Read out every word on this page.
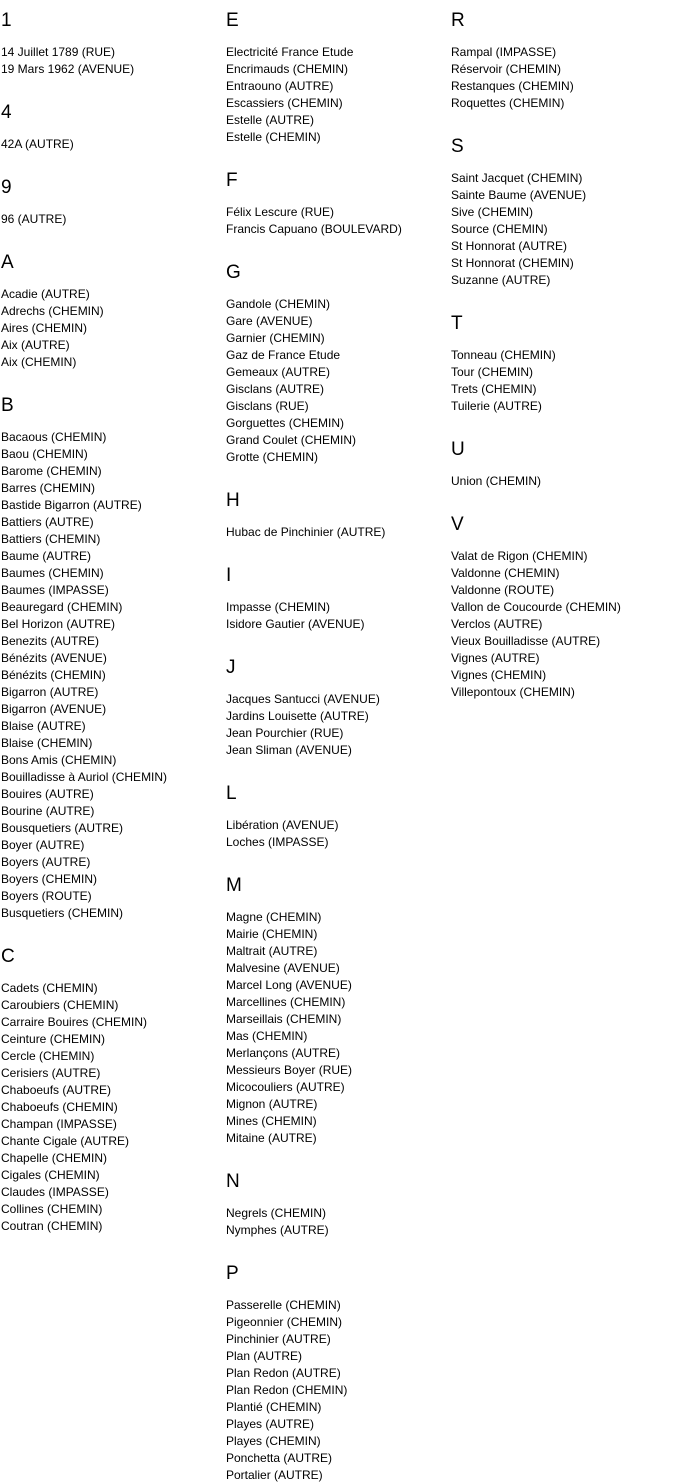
1
14 Juillet 1789 (RUE)
19 Mars 1962 (AVENUE)
4
42A (AUTRE)
9
96 (AUTRE)
A
Acadie (AUTRE)
Adrechs (CHEMIN)
Aires (CHEMIN)
Aix (AUTRE)
Aix (CHEMIN)
B
Bacaous (CHEMIN)
Baou (CHEMIN)
Barome (CHEMIN)
Barres (CHEMIN)
Bastide Bigarron (AUTRE)
Battiers (AUTRE)
Battiers (CHEMIN)
Baume (AUTRE)
Baumes (CHEMIN)
Baumes (IMPASSE)
Beauregard (CHEMIN)
Bel Horizon (AUTRE)
Benezits (AUTRE)
Bénézits (AVENUE)
Bénézits (CHEMIN)
Bigarron (AUTRE)
Bigarron (AVENUE)
Blaise (AUTRE)
Blaise (CHEMIN)
Bons Amis (CHEMIN)
Bouilladisse à Auriol (CHEMIN)
Bouires (AUTRE)
Bourine (AUTRE)
Bousquetiers (AUTRE)
Boyer (AUTRE)
Boyers (AUTRE)
Boyers (CHEMIN)
Boyers (ROUTE)
Busquetiers (CHEMIN)
C
Cadets (CHEMIN)
Caroubiers (CHEMIN)
Carraire Bouires (CHEMIN)
Ceinture (CHEMIN)
Cercle (CHEMIN)
Cerisiers (AUTRE)
Chaboeufs (AUTRE)
Chaboeufs (CHEMIN)
Champan (IMPASSE)
Chante Cigale (AUTRE)
Chapelle (CHEMIN)
Cigales (CHEMIN)
Claudes (IMPASSE)
Collines (CHEMIN)
Coutran (CHEMIN)
E
Electricité France Etude
Encrimauds (CHEMIN)
Entraouno (AUTRE)
Escassiers (CHEMIN)
Estelle (AUTRE)
Estelle (CHEMIN)
F
Félix Lescure (RUE)
Francis Capuano (BOULEVARD)
G
Gandole (CHEMIN)
Gare (AVENUE)
Garnier (CHEMIN)
Gaz de France Etude
Gemeaux (AUTRE)
Gisclans (AUTRE)
Gisclans (RUE)
Gorguettes (CHEMIN)
Grand Coulet (CHEMIN)
Grotte (CHEMIN)
H
Hubac de Pinchinier (AUTRE)
I
Impasse (CHEMIN)
Isidore Gautier (AVENUE)
J
Jacques Santucci (AVENUE)
Jardins Louisette (AUTRE)
Jean Pourchier (RUE)
Jean Sliman (AVENUE)
L
Libération (AVENUE)
Loches (IMPASSE)
M
Magne (CHEMIN)
Mairie (CHEMIN)
Maltrait (AUTRE)
Malvesine (AVENUE)
Marcel Long (AVENUE)
Marcellines (CHEMIN)
Marseillais (CHEMIN)
Mas (CHEMIN)
Merlançons (AUTRE)
Messieurs Boyer (RUE)
Micocouliers (AUTRE)
Mignon (AUTRE)
Mines (CHEMIN)
Mitaine (AUTRE)
N
Negrels (CHEMIN)
Nymphes (AUTRE)
P
Passerelle (CHEMIN)
Pigeonnier (CHEMIN)
Pinchinier (AUTRE)
Plan (AUTRE)
Plan Redon (AUTRE)
Plan Redon (CHEMIN)
Plantié (CHEMIN)
Playes (AUTRE)
Playes (CHEMIN)
Ponchetta (AUTRE)
Portalier (AUTRE)
R
Rampal (IMPASSE)
Réservoir (CHEMIN)
Restanques (CHEMIN)
Roquettes (CHEMIN)
S
Saint Jacquet (CHEMIN)
Sainte Baume (AVENUE)
Sive (CHEMIN)
Source (CHEMIN)
St Honnorat (AUTRE)
St Honnorat (CHEMIN)
Suzanne (AUTRE)
T
Tonneau (CHEMIN)
Tour (CHEMIN)
Trets (CHEMIN)
Tuilerie (AUTRE)
U
Union (CHEMIN)
V
Valat de Rigon (CHEMIN)
Valdonne (CHEMIN)
Valdonne (ROUTE)
Vallon de Coucourde (CHEMIN)
Verclos (AUTRE)
Vieux Bouilladisse (AUTRE)
Vignes (AUTRE)
Vignes (CHEMIN)
Villepontoux (CHEMIN)
